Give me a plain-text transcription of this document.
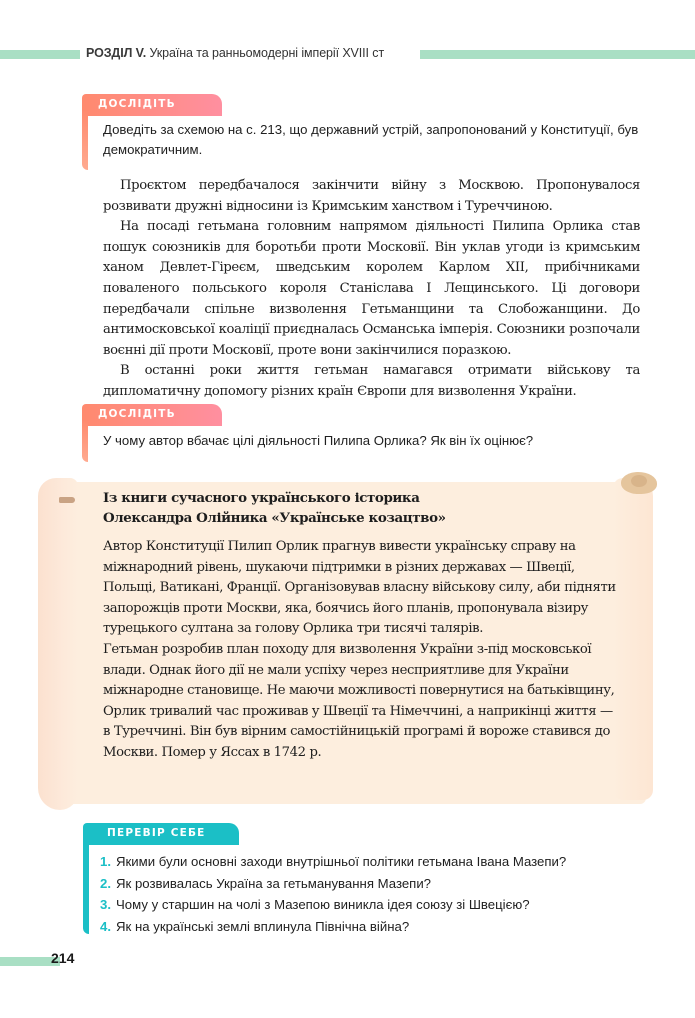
РОЗДІЛ V. Україна та ранньомодерні імперії XVIII ст
ДОСЛІДІТЬ
Доведіть за схемою на с. 213, що державний устрій, запропонований у Конституції, був демократичним.

Проєктом передбачалося закінчити війну з Москвою. Пропонувалося розвивати дружні відносини із Кримським ханством і Туреччиною.

На посаді гетьмана головним напрямом діяльності Пилипа Орлика став пошук союзників для боротьби проти Московії. Він уклав угоди із кримським ханом Девлет-Гіреєм, шведським королем Карлом XII, прибічниками поваленого польського короля Станіслава I Лещинського. Ці договори передбачали спільне визволення Гетьманщини та Слобожанщини. До антимосковської коаліції приєдналась Османська імперія. Союзники розпочали воєнні дії проти Московії, проте вони закінчилися поразкою.

В останні роки життя гетьман намагався отримати військову та дипломатичну допомогу різних країн Європи для визволення України.

ДОСЛІДІТЬ
У чому автор вбачає цілі діяльності Пилипа Орлика? Як він їх оцінює?
Із книги сучасного українського історика
Олександра Олійника «Українське козацтво»

Автор Конституції Пилип Орлик прагнув вивести українську справу на міжнародний рівень, шукаючи підтримки в різних державах — Швеції, Польщі, Ватикані, Франції. Організовував власну військову силу, аби підняти запорожців проти Москви, яка, боячись його планів, пропонувала візиру турецького султана за голову Орлика три тисячі талярів.

Гетьман розробив план походу для визволення України з-під московської влади. Однак його дії не мали успіху через несприятливе для України міжнародне становище. Не маючи можливості повернутися на батьківщину, Орлик тривалий час проживав у Швеції та Німеччині, а наприкінці життя — в Туреччині. Він був вірним самостійницькій програмі й вороже ставився до Москви. Помер у Яссах в 1742 р.

ПЕРЕВІР СЕБЕ
1. Якими були основні заходи внутрішньої політики гетьмана Івана Мазепи?
2. Як розвивалась Україна за гетьманування Мазепи?
3. Чому у старшин на чолі з Мазепою виникла ідея союзу зі Швецією?
4. Як на українські землі вплинула Північна війна?
214
